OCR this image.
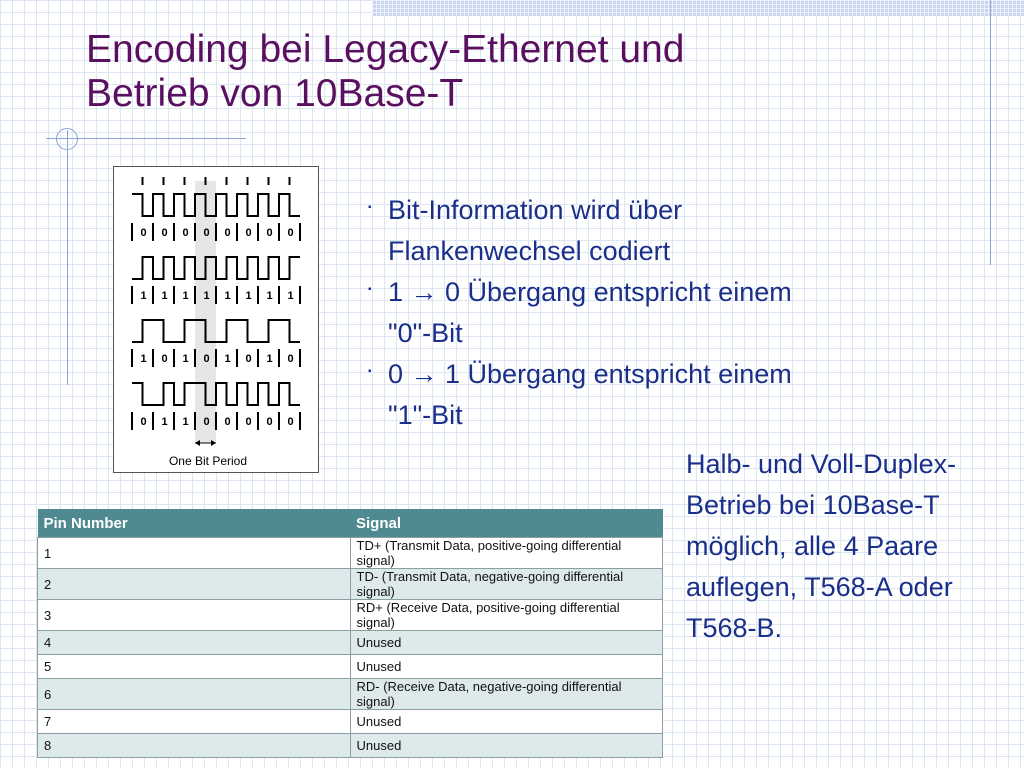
Encoding bei Legacy-Ethernet und
Betrieb von 10Base-T
0 0 0 0 0 0 0 0
1 1 1 1 1 1 1 1
1 0 1 0 1 0 1 0
0 1 1 0 0 0 0 0
One Bit Period
▪ Bit-Information wird über Flankenwechsel codiert
▪ 1 → 0 Übergang entspricht einem "0"-Bit
▪ 0 → 1 Übergang entspricht einem "1"-Bit
Halb- und Voll-Duplex-Betrieb bei 10Base-T möglich, alle 4 Paare auflegen, T568-A oder T568-B.
Pin Number	Signal
1	TD+ (Transmit Data, positive-going differential signal)
2	TD- (Transmit Data, negative-going differential signal)
3	RD+ (Receive Data, positive-going differential signal)
4	Unused
5	Unused
6	RD- (Receive Data, negative-going differential signal)
7	Unused
8	Unused
